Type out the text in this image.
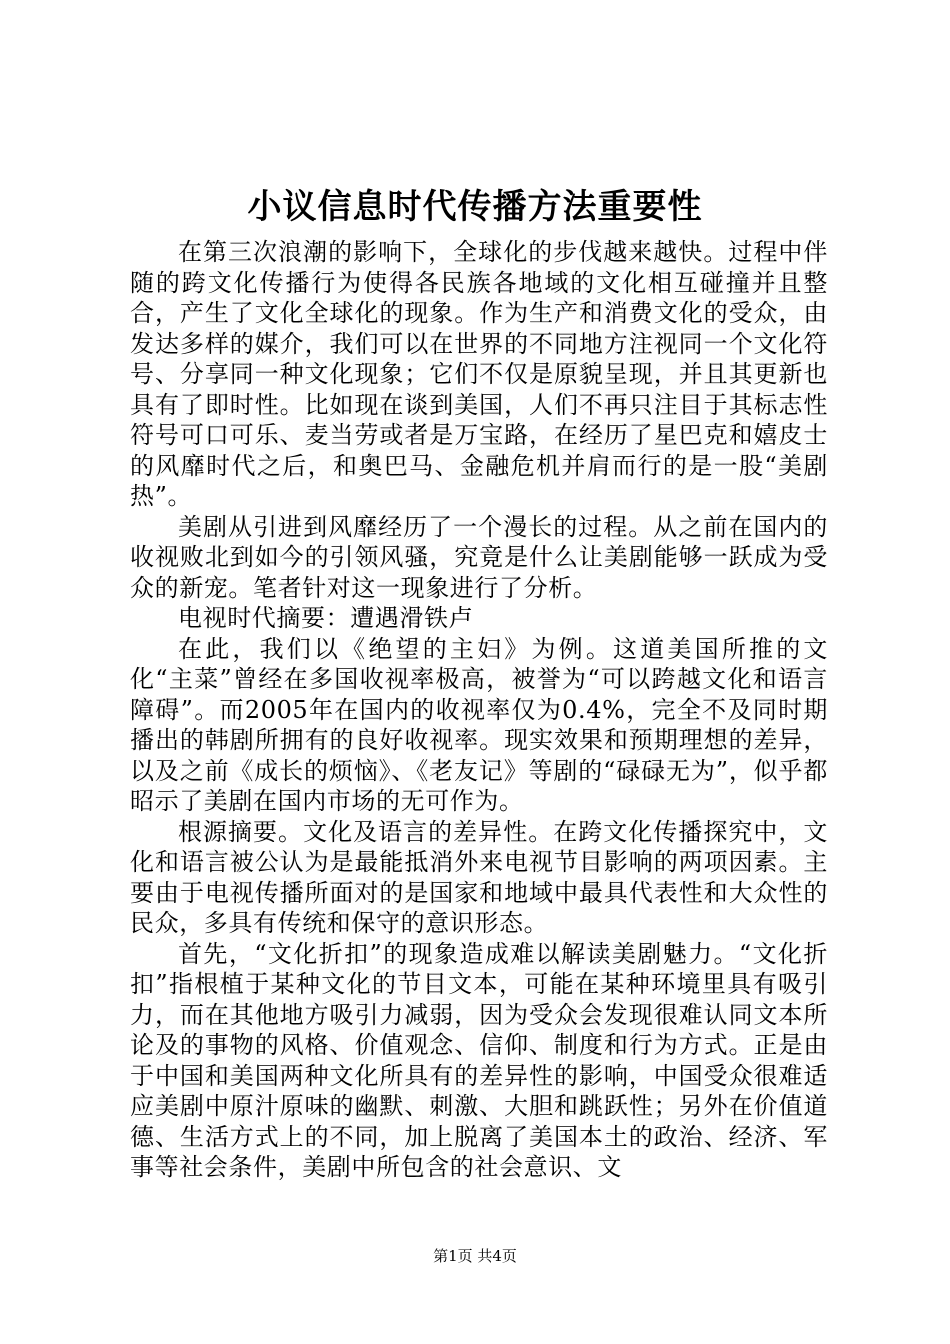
小议信息时代传播方法重要性

在第三次浪潮的影响下，全球化的步伐越来越快。过程中伴随的跨文化传播行为使得各民族各地域的文化相互碰撞并且整合，产生了文化全球化的现象。作为生产和消费文化的受众，由发达多样的媒介，我们可以在世界的不同地方注视同一个文化符号、分享同一种文化现象；它们不仅是原貌呈现，并且其更新也具有了即时性。比如现在谈到美国，人们不再只注目于其标志性符号可口可乐、麦当劳或者是万宝路，在经历了星巴克和嬉皮士的风靡时代之后，和奥巴马、金融危机并肩而行的是一股“美剧热”。

美剧从引进到风靡经历了一个漫长的过程。从之前在国内的收视败北到如今的引领风骚，究竟是什么让美剧能够一跃成为受众的新宠。笔者针对这一现象进行了分析。

电视时代摘要：遭遇滑铁卢

在此，我们以《绝望的主妇》为例。这道美国所推的文化“主菜”曾经在多国收视率极高，被誉为“可以跨越文化和语言障碍”。而2005年在国内的收视率仅为0.4%，完全不及同时期播出的韩剧所拥有的良好收视率。现实效果和预期理想的差异，以及之前《成长的烦恼》、《老友记》等剧的“碌碌无为”，似乎都昭示了美剧在国内市场的无可作为。

根源摘要。文化及语言的差异性。在跨文化传播探究中，文化和语言被公认为是最能抵消外来电视节目影响的两项因素。主要由于电视传播所面对的是国家和地域中最具代表性和大众性的民众，多具有传统和保守的意识形态。

首先，“文化折扣”的现象造成难以解读美剧魅力。“文化折扣”指根植于某种文化的节目文本，可能在某种环境里具有吸引力，而在其他地方吸引力减弱，因为受众会发现很难认同文本所论及的事物的风格、价值观念、信仰、制度和行为方式。正是由于中国和美国两种文化所具有的差异性的影响，中国受众很难适应美剧中原汁原味的幽默、刺激、大胆和跳跃性；另外在价值道德、生活方式上的不同，加上脱离了美国本土的政治、经济、军事等社会条件，美剧中所包含的社会意识、文

第1页 共4页
